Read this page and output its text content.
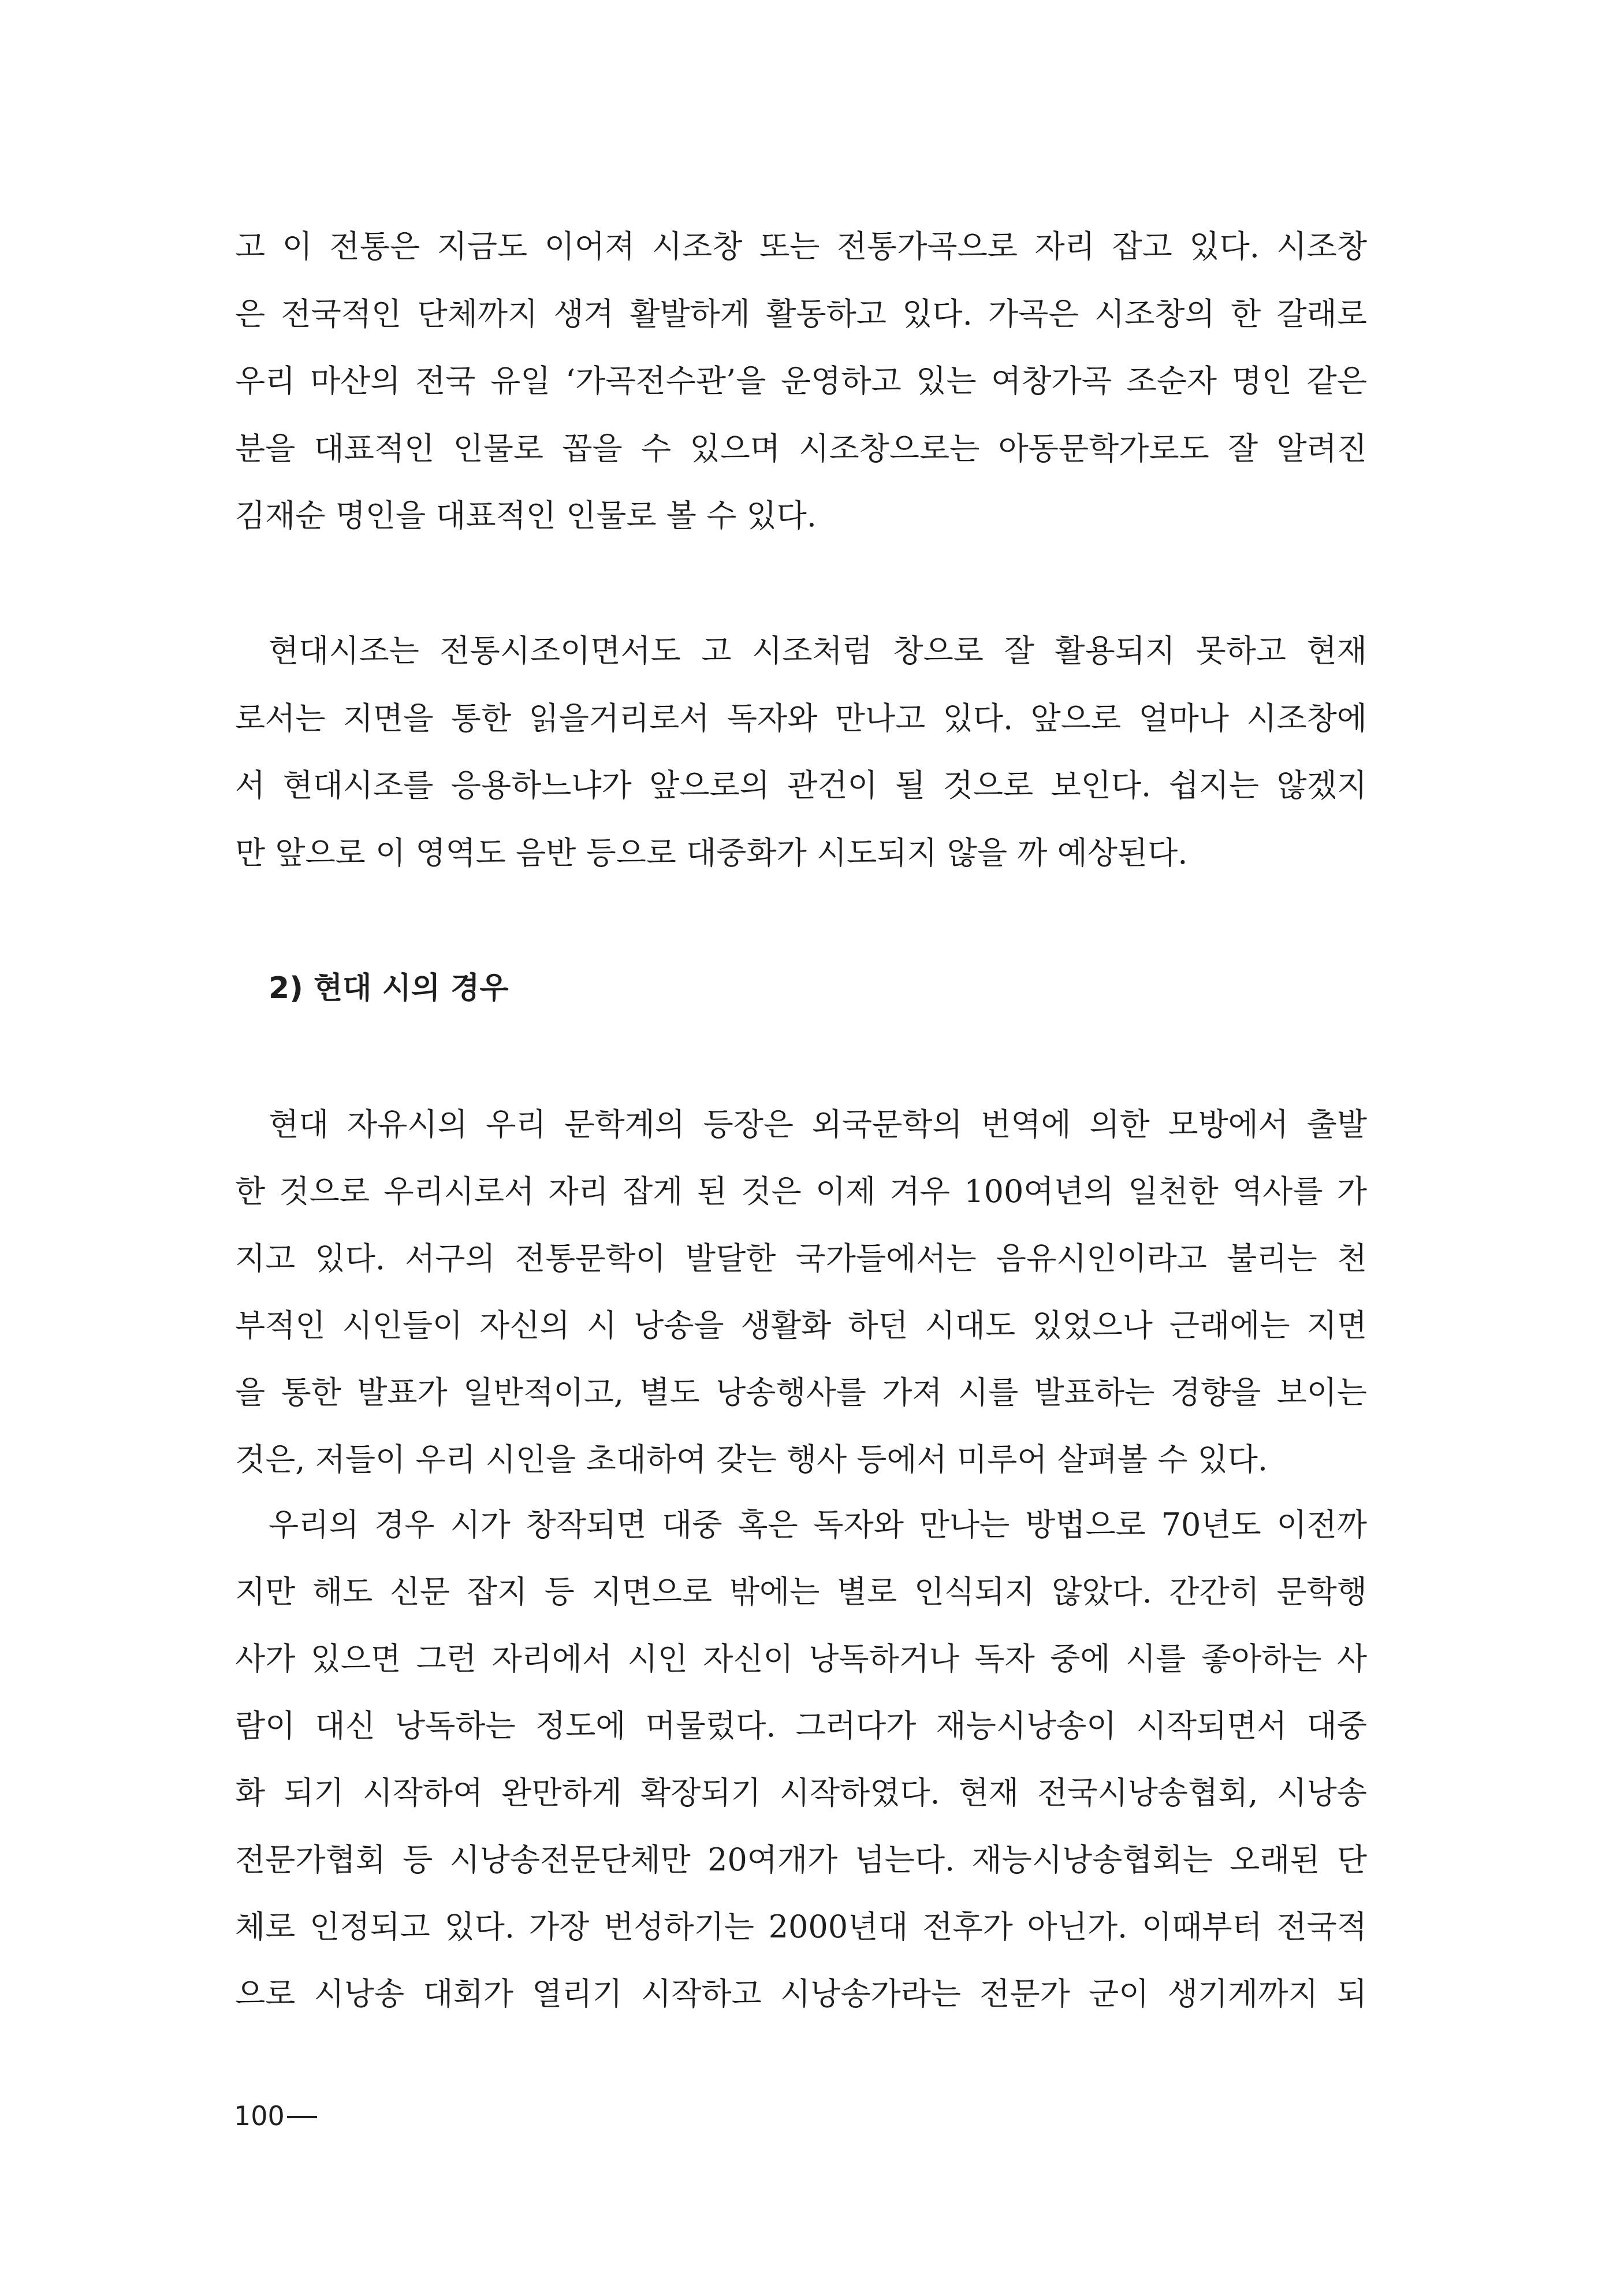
고 이 전통은 지금도 이어져 시조창 또는 전통가곡으로 자리 잡고 있다. 시조창
은 전국적인 단체까지 생겨 활발하게 활동하고 있다. 가곡은 시조창의 한 갈래로
우리 마산의 전국 유일 ‘가곡전수관’을 운영하고 있는 여창가곡 조순자 명인 같은
분을 대표적인 인물로 꼽을 수 있으며 시조창으로는 아동문학가로도 잘 알려진
김재순 명인을 대표적인 인물로 볼 수 있다.
현대시조는 전통시조이면서도 고 시조처럼 창으로 잘 활용되지 못하고 현재
로서는 지면을 통한 읽을거리로서 독자와 만나고 있다. 앞으로 얼마나 시조창에
서 현대시조를 응용하느냐가 앞으로의 관건이 될 것으로 보인다. 쉽지는 않겠지
만 앞으로 이 영역도 음반 등으로 대중화가 시도되지 않을 까 예상된다.
2) 현대 시의 경우
현대 자유시의 우리 문학계의 등장은 외국문학의 번역에 의한 모방에서 출발
한 것으로 우리시로서 자리 잡게 된 것은 이제 겨우 100여년의 일천한 역사를 가
지고 있다. 서구의 전통문학이 발달한 국가들에서는 음유시인이라고 불리는 천
부적인 시인들이 자신의 시 낭송을 생활화 하던 시대도 있었으나 근래에는 지면
을 통한 발표가 일반적이고, 별도 낭송행사를 가져 시를 발표하는 경향을 보이는
것은, 저들이 우리 시인을 초대하여 갖는 행사 등에서 미루어 살펴볼 수 있다.
우리의 경우 시가 창작되면 대중 혹은 독자와 만나는 방법으로 70년도 이전까
지만 해도 신문 잡지 등 지면으로 밖에는 별로 인식되지 않았다. 간간히 문학행
사가 있으면 그런 자리에서 시인 자신이 낭독하거나 독자 중에 시를 좋아하는 사
람이 대신 낭독하는 정도에 머물렀다. 그러다가 재능시낭송이 시작되면서 대중
화 되기 시작하여 완만하게 확장되기 시작하였다. 현재 전국시낭송협회, 시낭송
전문가협회 등 시낭송전문단체만 20여개가 넘는다. 재능시낭송협회는 오래된 단
체로 인정되고 있다. 가장 번성하기는 2000년대 전후가 아닌가. 이때부터 전국적
으로 시낭송 대회가 열리기 시작하고 시낭송가라는 전문가 군이 생기게까지 되
100
